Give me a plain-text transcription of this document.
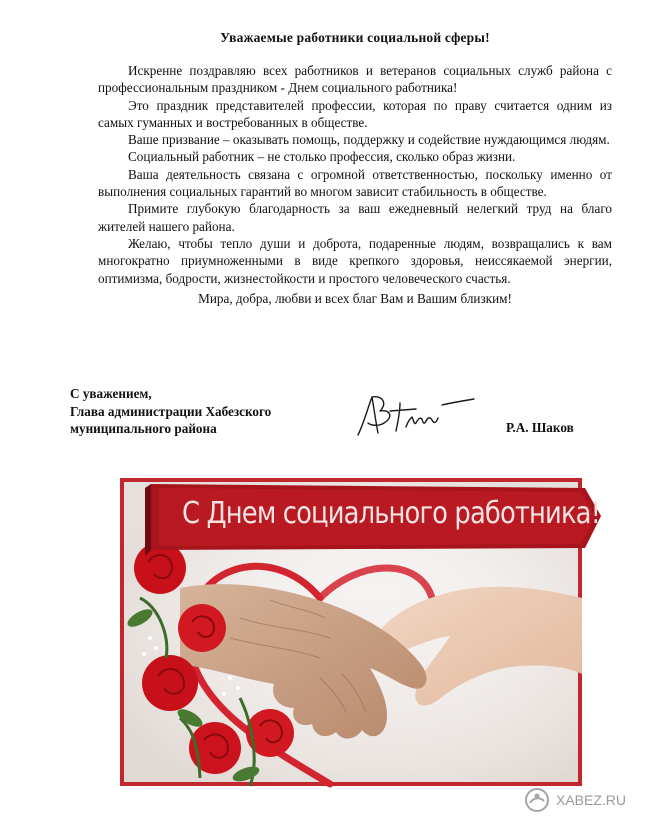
Уважаемые работники социальной сферы!

Искренне поздравляю всех работников и ветеранов социальных служб района с профессиональным праздником - Днем социального работника!

Это праздник представителей профессии, которая по праву считается одним из самых гуманных и востребованных в обществе.

Ваше призвание – оказывать помощь, поддержку и содействие нуждающимся людям.

Социальный работник – не столько профессия, сколько образ жизни.

Ваша деятельность связана с огромной ответственностью, поскольку именно от выполнения социальных гарантий во многом зависит стабильность в обществе.

Примите глубокую благодарность за ваш ежедневный нелегкий труд на благо жителей нашего района.

Желаю, чтобы тепло души и доброта, подаренные людям, возвращались к вам многократно приумноженными в виде крепкого здоровья, неиссякаемой энергии, оптимизма, бодрости, жизнестойкости и простого человеческого счастья.

Мира, добра, любви и всех благ Вам и Вашим близким!

С уважением,
Глава администрации Хабезского
муниципального района	Р.А. Шаков
С Днем социального работника!
XABEZ.RU
